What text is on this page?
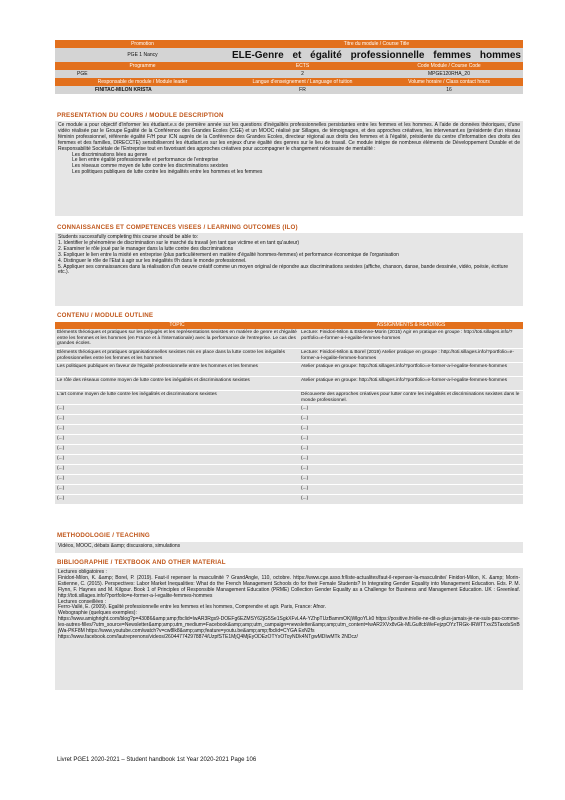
Promotion	Titre du module / Course Title
PGE 1 Nancy	ELE-Genre et égalité professionnelle femmes hommes
Programme	ECTS	Code Module / Course Code
PGE	2	MPGE120RHA_20
Responsable de module / Module leader	Langue d'enseignement / Language of tuition	Volume horaire / Class contact hours
FINITAC-MILON KRISTA	FR	16
PRESENTATION DU COURS / MODULE DESCRIPTION

Ce module a pour objectif d'informer les étudiant.e.s de première année sur les questions d'inégalités professionnelles persistantes entre les femmes et les hommes. A l'aide de données théoriques, d'une vidéo réalisée par le Groupe Égalité de la Conférence des Grandes Ecoles (CGE) et un MOOC réalisé par Sillages, de témoignages, et des approches créatives, les intervenant.es (présidente d'un réseau féminin professionnel, référente égalité F/H pour ICN auprès de la Conférence des Grandes Ecoles, directeur régional aux droits des femmes et à l'égalité, présidente du centre d'information des droits des femmes et des familles, DIRECCTE) sensibiliseront les étudiant.es sur les enjeux d'une égalité des genres sur le lieu de travail. Ce module intègre de nombreux éléments de Développement Durable et de Responsabilité Sociétale de l'Entreprise tout en favorisant des approches créatives pour accompagner le changement nécessaire de mentalité :

Les discriminations liées au genre

Le lien entre égalité professionnelle et performance de l'entreprise

Les réseaux comme moyen de lutte contre les discriminations sexistes

Les politiques publiques de lutte contre les inégalités entre les hommes et les femmes

CONNAISSANCES ET COMPETENCES VISEES / LEARNING OUTCOMES (ILO)

Students successfully completing this course should be able to:

1. Identifier le phénomène de discrimination sur le marché du travail (en tant que victime et en tant qu'auteur)

2. Examiner le rôle joué par le manager dans la lutte contre des discriminations

3. Expliquer le lien entre la mixité en entreprise (plus particulièrement en matière d'égalité hommes-femmes) et performance économique de l'organisation

4. Distinguer le rôle de l'Etat à agir sur les inégalités f/h dans le monde professionnel.

5. Appliquer ses connaissances dans la réalisation d'un oeuvre créatif comme un moyen original de répondre aux discriminations sexistes (affiche, chanson, danse, bande dessinée, vidéo, poésie, écriture etc.).

CONTENU / MODULE OUTLINE
TOPIC	ASSIGNMENTS & READINGS
Eléments théoriques et pratiques sur les préjugés et les représentations sexistes en matière de genre et d'égalité entre les femmes et les hommes (en France et à l'internationale) avec la performance de l'entreprise. Le cas des grandes écoles.	Lecture: Finidori-Milon & Estienne-Morin (2015) Agir en pratique en groupe : http://toti.sillages.info/?portfolio=e-former-a-l-egalite-femmes-hommes
Eléments théoriques et pratiques organisationnelles sexistes mis en place dans la lutte contre les inégalités professionnelles entre les femmes et les hommes	Lecture: Finidori-Milon & Borel (2019) Atelier pratique en groupe : http://toti.sillages.info/?portfolio=e-former-a-l-egalite-femmes-hommes
Les politiques publiques en faveur de l'égalité professionnelle entre les hommes et les femmes	Atelier pratique en groupe: http://toti.sillages.info/?portfolio=e-former-a-l-egalite-femmes-hommes
Le rôle des réseaux comme moyen de lutte contre les inégalités et discriminations sexistes	Atelier pratique en groupe: http://toti.sillages.info/?portfolio=e-former-a-l-egalite-femmes-hommes
L'art comme moyen de lutte contre les inégalités et discriminations sexistes	Découverte des approches créatives pour lutter contre les inégalités et discriminations sexistes dans le monde professionnel.
(...)	(...)
(...)	(...)
(...)	(...)
(...)	(...)
(...)	(...)
(...)	(...)
(...)	(...)
(...)	(...)
(...)	(...)
(...)	(...)
METHODOLOGIE / TEACHING

Vidéos, MOOC, débats &amp; discussions, simulations

BIBLIOGRAPHIE / TEXTBOOK AND OTHER MATERIAL

Lectures obligatoires :

Finidori-Milon, K. &amp; Borel, P. (2019). Faut-il repenser la masculinité ? GrandAngle, 110, octobre. https://www.cge.asso.fr/liste-actualites/faut-il-repenser-la-masculinite/ Finidori-Milon, K. &amp; Morin-Estienne, C. (2015). Perspectives: Labor Market Inequalities: What do the French Management Schools do for their Female Students? In Integrating Gender Equality into Management Education. Eds. P. M. Flynn, F. Haynes and M. Kilgour. Book 1 of Principles of Responsible Management Education (PRME) Collection Gender Equality as a Challenge for Business and Management Education. UK : Greenleaf. http://toti.sillages.info/?portfolio=e-former-a-l-egalite-femmes-hommes

Lectures conseillées :

Ferro-Vallé, E. (2009). Egalité professionnelle entre les femmes et les hommes, Comprendre et agir. Paris, France: Afnor.

Webographie (quelques exemples):

https://www.amighright.com/blog?p=43086&amp;amp;fbclid=IwAR3Rgs9-DOEFg6EZMSY62jG5Se1SgkXFvL4A-YZhpTUzBammOKjWlgoYLk0 https://positive.fr/elle-ne-dit-a-plus-jamais-je-ne-suis-pas-comme-les-autres-filles/?utm_source=Newsletter&amp;amp;utm_medium=Facebook&amp;amp;utm_campaign=newsletter&amp;amp;utm_content=IwAR2XVx8vGk-MLGulfcbWeFejzpOYzTRGk-IRWTTxvZ5TaxdsSnBjWa-PKF8M https://www.youtube.com/watch?v=cw8lk8&amp;amp;feature=youtu.be&amp;amp;fbclid=CYGA ExN2fs

https://www.facebook.com/lautreprenons/videos/260447742978874/UzpfSTE1MjQ4MjEyODEzOTYxOToyNDk4NTgwMDIwMTk 2NDcz/

Livret PGE1 2020-2021 – Student handbook 1st Year 2020-2021 Page 106
